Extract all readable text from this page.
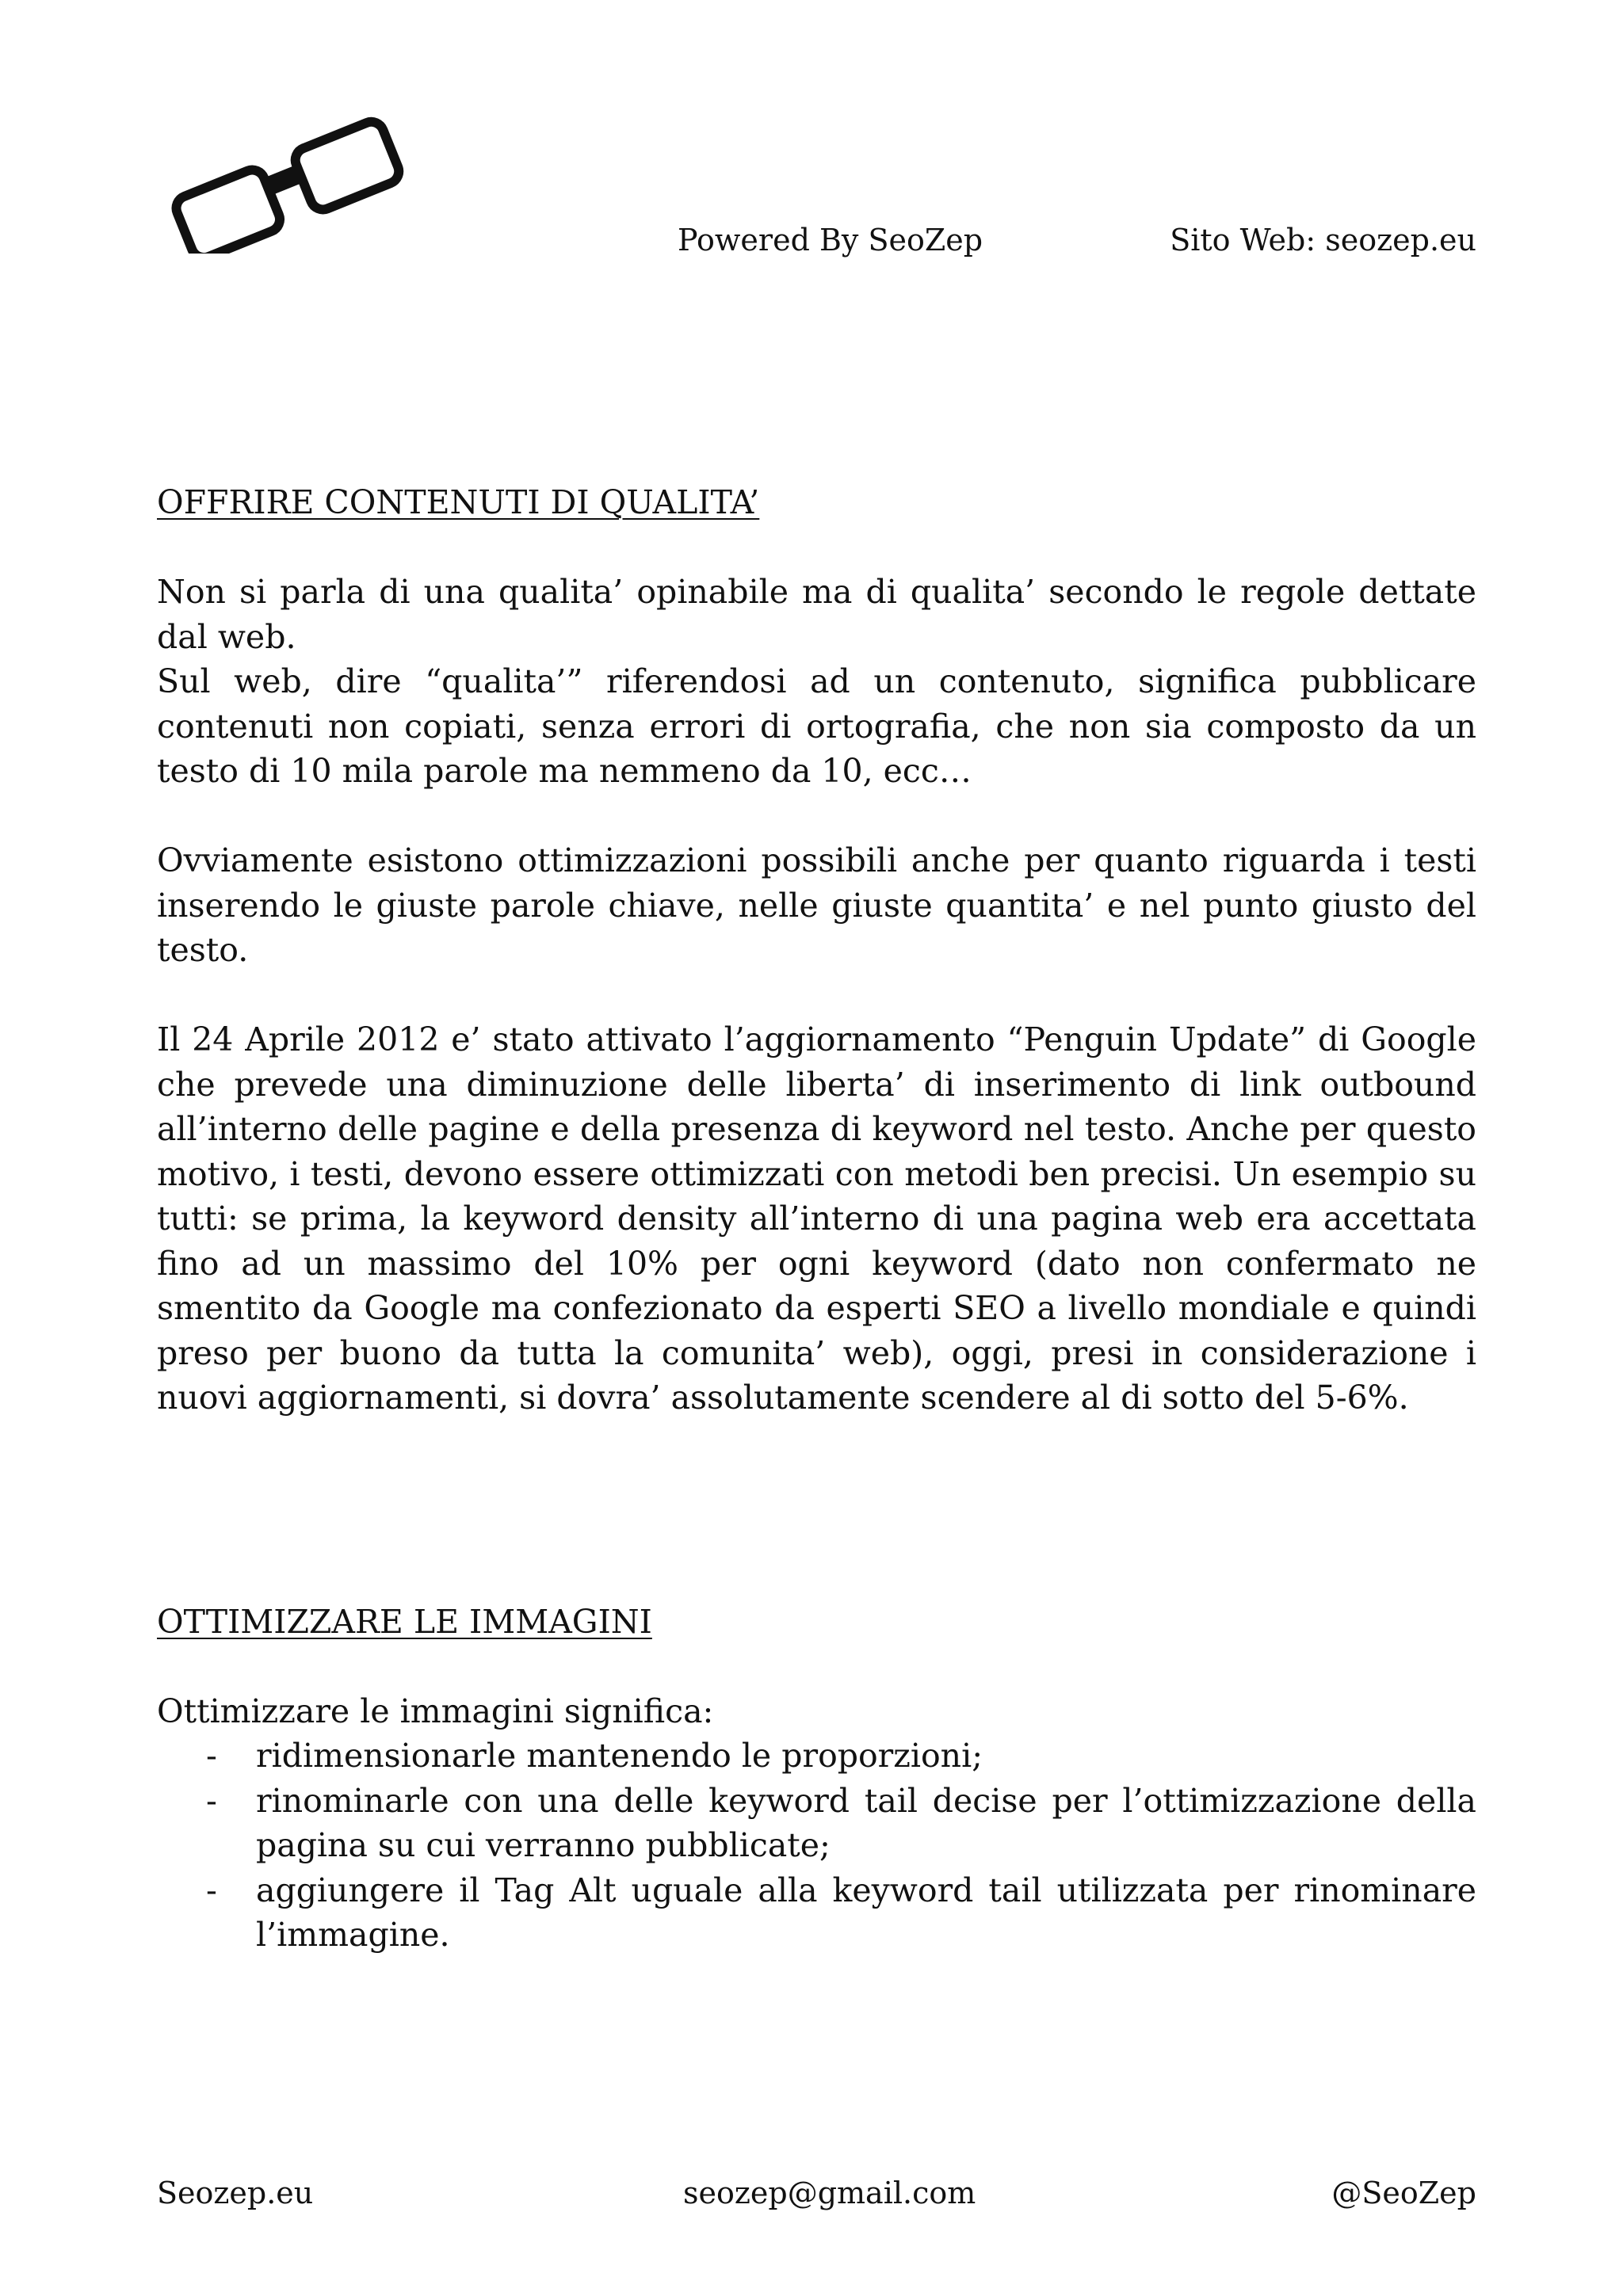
Powered By SeoZep	Sito Web: seozep.eu

OFFRIRE CONTENUTI DI QUALITA’

Non si parla di una qualita’ opinabile ma di qualita’ secondo le regole dettate dal web.

Sul web, dire “qualita’” riferendosi ad un contenuto, significa pubblicare contenuti non copiati, senza errori di ortografia, che non sia composto da un testo di 10 mila parole ma nemmeno da 10, ecc…

Ovviamente esistono ottimizzazioni possibili anche per quanto riguarda i testi inserendo le giuste parole chiave, nelle giuste quantita’ e nel punto giusto del testo.

Il 24 Aprile 2012 e’ stato attivato l’aggiornamento “Penguin Update” di Google che prevede una diminuzione delle liberta’ di inserimento di link outbound all’interno delle pagine e della presenza di keyword nel testo. Anche per questo motivo, i testi, devono essere ottimizzati con metodi ben precisi. Un esempio su tutti: se prima, la keyword density all’interno di una pagina web era accettata fino ad un massimo del 10% per ogni keyword (dato non confermato ne smentito da Google ma confezionato da esperti SEO a livello mondiale e quindi preso per buono da tutta la comunita’ web), oggi, presi in considerazione i nuovi aggiornamenti, si dovra’ assolutamente scendere al di sotto del 5-6%.

OTTIMIZZARE LE IMMAGINI

Ottimizzare le immagini significa:

- ridimensionarle mantenendo le proporzioni;
- rinominarle con una delle keyword tail decise per l’ottimizzazione della pagina su cui verranno pubblicate;
- aggiungere il Tag Alt uguale alla keyword tail utilizzata per rinominare l’immagine.
Seozep.eu	seozep@gmail.com	@SeoZep
